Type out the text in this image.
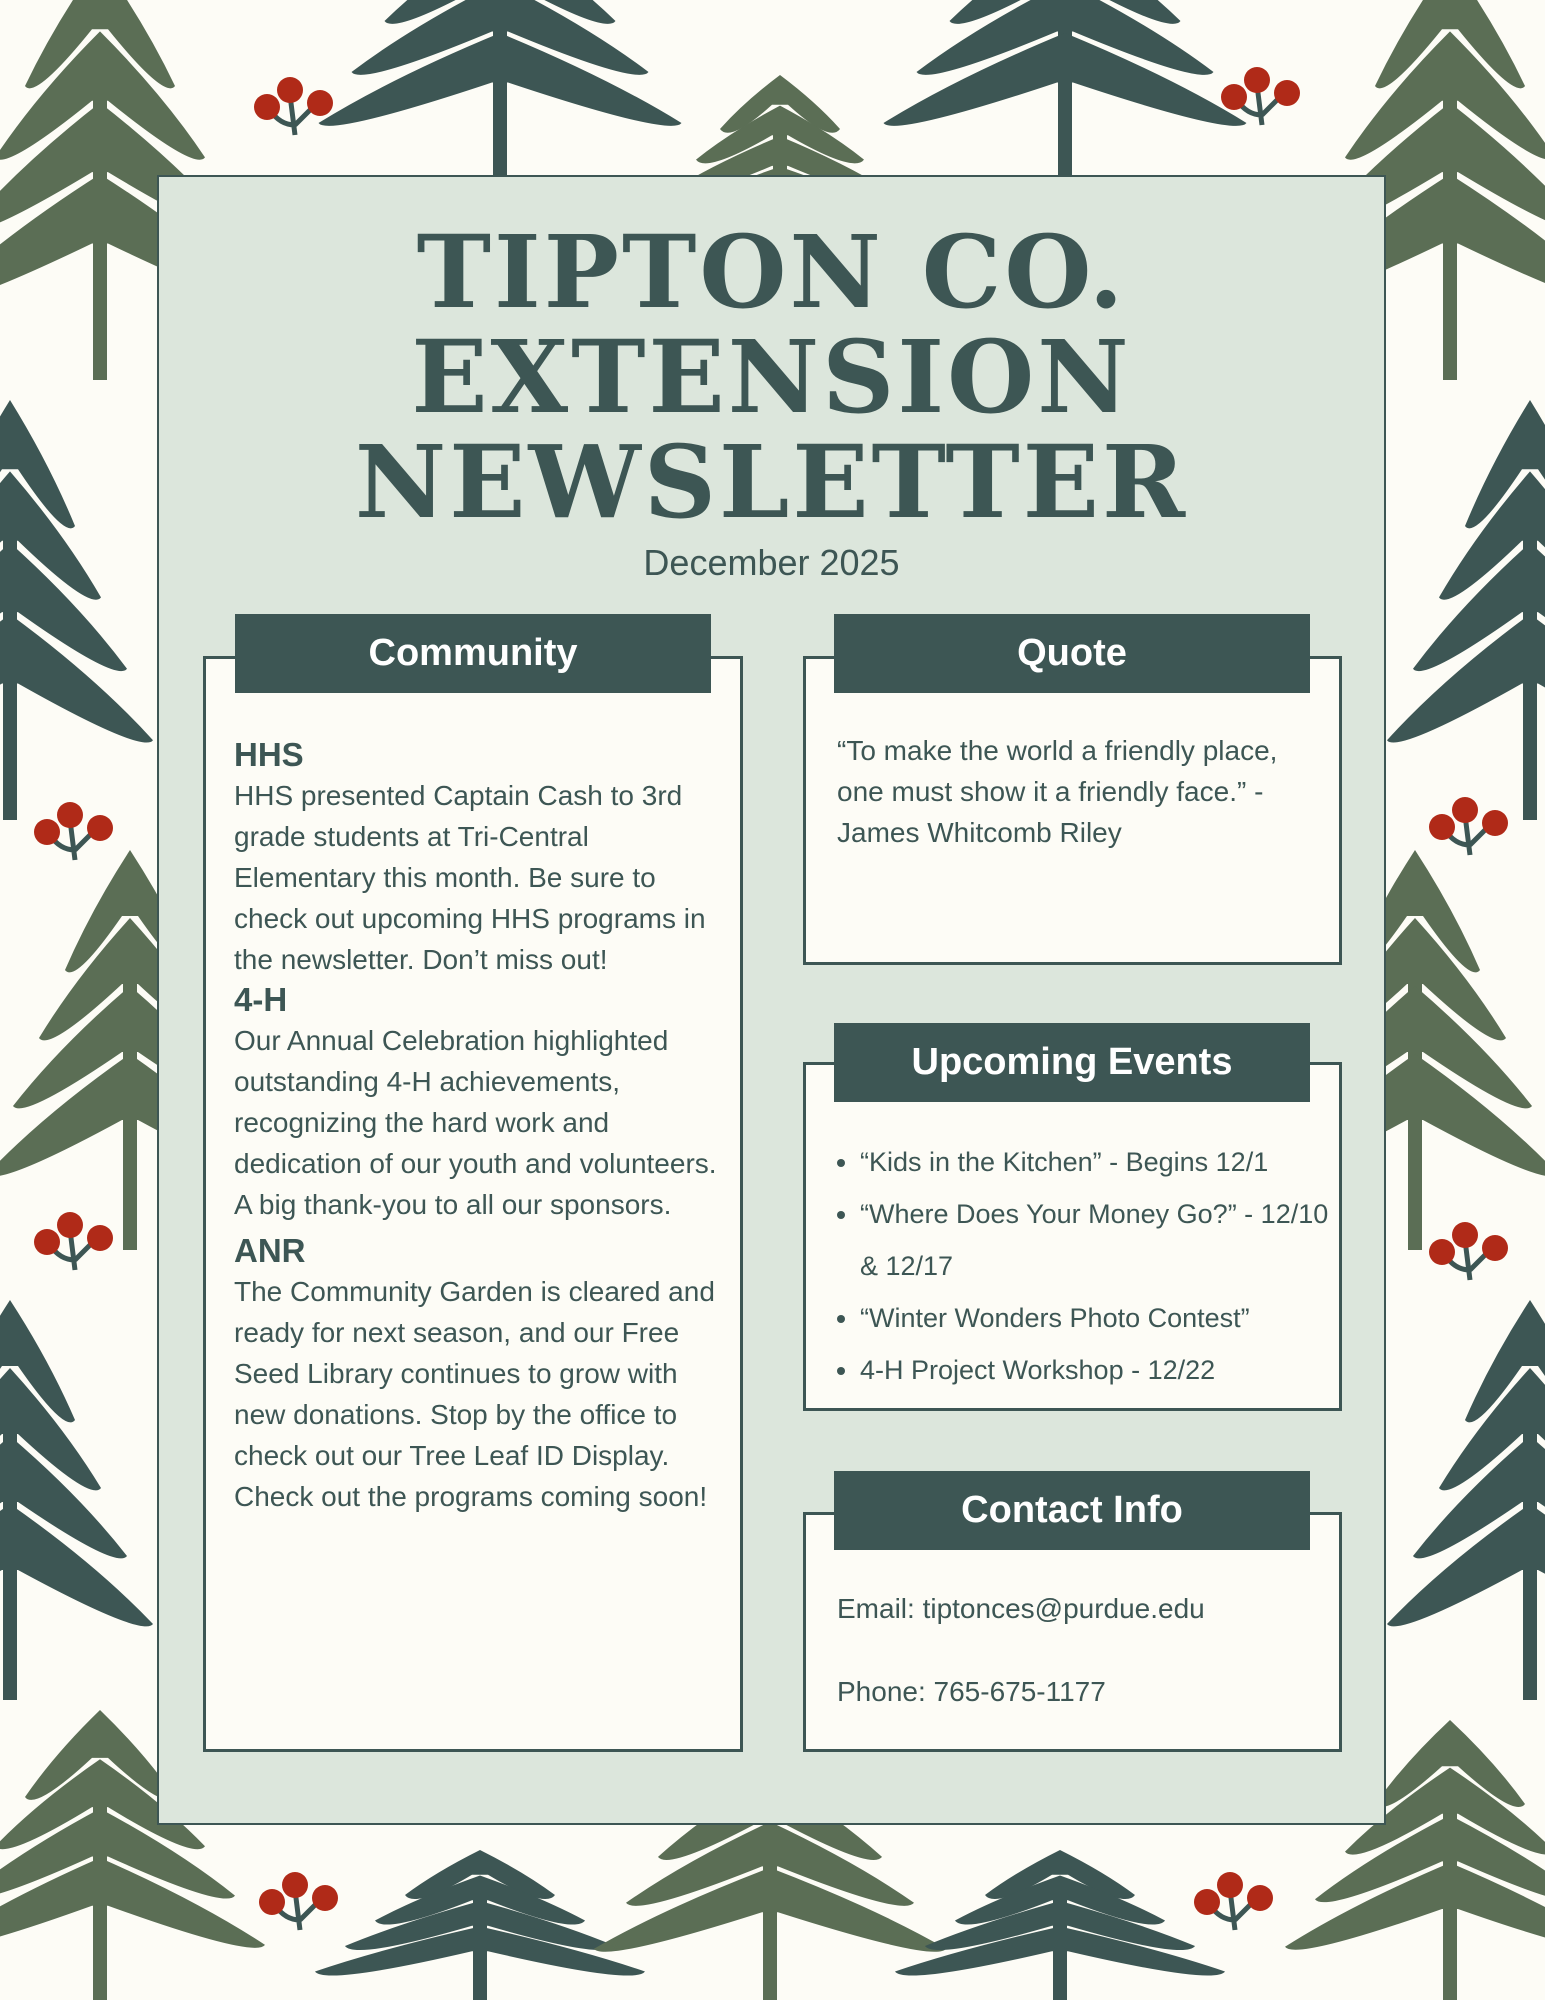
TIPTON CO.
EXTENSION
NEWSLETTER
December 2025
Community
HHS
HHS presented Captain Cash to 3rd grade students at Tri-Central Elementary this month. Be sure to check out upcoming HHS programs in the newsletter. Don’t miss out!
4-H
Our Annual Celebration highlighted outstanding 4-H achievements, recognizing the hard work and dedication of our youth and volunteers. A big thank-you to all our sponsors.
ANR
The Community Garden is cleared and ready for next season, and our Free Seed Library continues to grow with new donations. Stop by the office to check out our Tree Leaf ID Display. Check out the programs coming soon!
Quote
“To make the world a friendly place, one must show it a friendly face.” - James Whitcomb Riley
Upcoming Events
• “Kids in the Kitchen” - Begins 12/1
• “Where Does Your Money Go?” - 12/10 & 12/17
• “Winter Wonders Photo Contest”
• 4-H Project Workshop - 12/22
Contact Info
Email: tiptonces@purdue.edu
Phone: 765-675-1177
